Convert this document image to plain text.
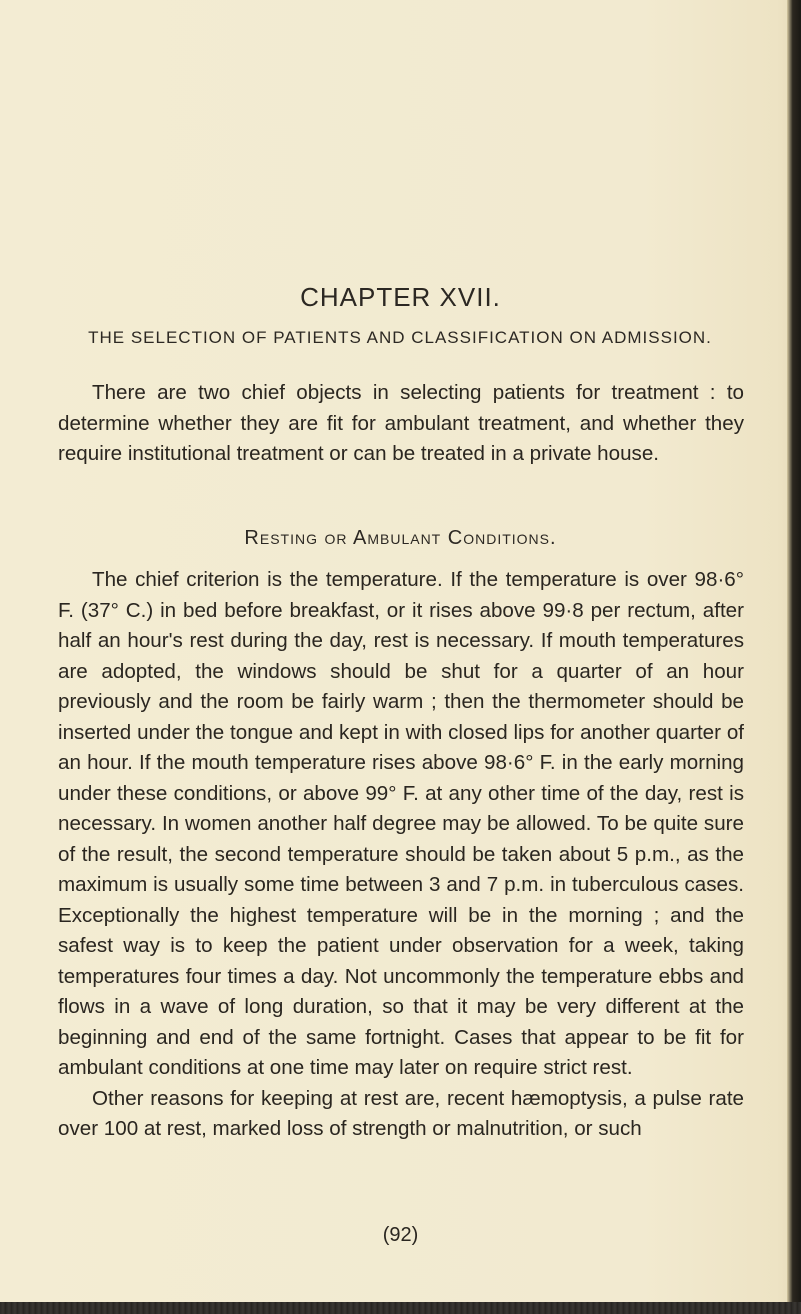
CHAPTER XVII.
THE SELECTION OF PATIENTS AND CLASSIFICATION ON ADMISSION.
There are two chief objects in selecting patients for treatment : to determine whether they are fit for ambulant treatment, and whether they require institutional treatment or can be treated in a private house.
Resting or Ambulant Conditions.
The chief criterion is the temperature. If the temperature is over 98·6° F. (37° C.) in bed before breakfast, or it rises above 99·8 per rectum, after half an hour's rest during the day, rest is necessary. If mouth temperatures are adopted, the windows should be shut for a quarter of an hour previously and the room be fairly warm ; then the thermometer should be inserted under the tongue and kept in with closed lips for another quarter of an hour. If the mouth temperature rises above 98·6° F. in the early morning under these conditions, or above 99° F. at any other time of the day, rest is necessary. In women another half degree may be allowed. To be quite sure of the result, the second temperature should be taken about 5 p.m., as the maximum is usually some time between 3 and 7 p.m. in tuberculous cases. Exceptionally the highest temperature will be in the morning ; and the safest way is to keep the patient under observation for a week, taking temperatures four times a day. Not uncommonly the temperature ebbs and flows in a wave of long duration, so that it may be very different at the beginning and end of the same fortnight. Cases that appear to be fit for ambulant conditions at one time may later on require strict rest.
Other reasons for keeping at rest are, recent hæmoptysis, a pulse rate over 100 at rest, marked loss of strength or malnutrition, or such
(92)
